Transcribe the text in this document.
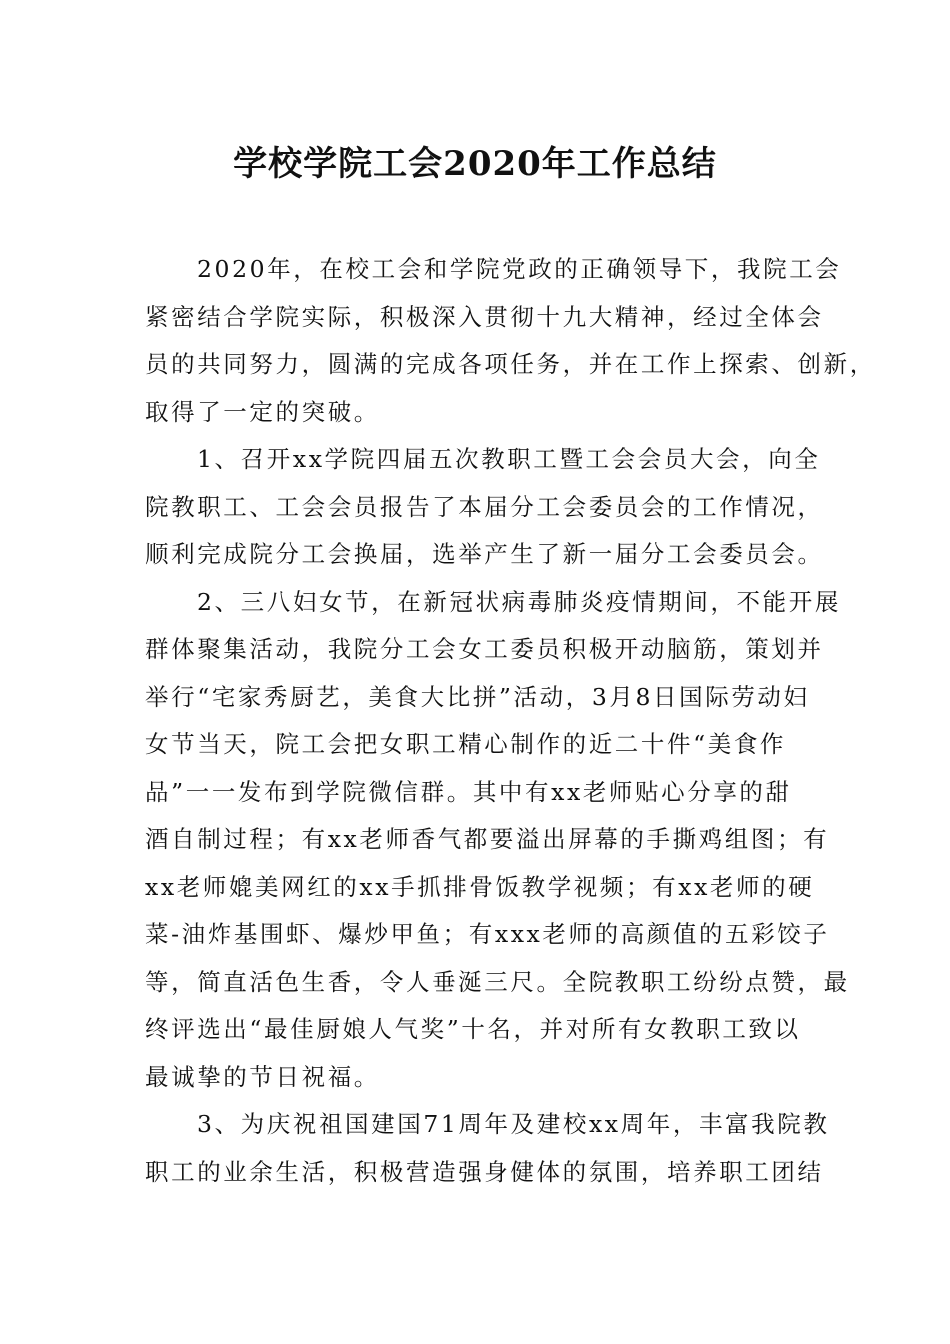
学校学院工会2020年工作总结
2020年，在校工会和学院党政的正确领导下，我院工会
紧密结合学院实际，积极深入贯彻十九大精神，经过全体会
员的共同努力，圆满的完成各项任务，并在工作上探索、创新，
取得了一定的突破。
1、召开xx学院四届五次教职工暨工会会员大会，向全
院教职工、工会会员报告了本届分工会委员会的工作情况，
顺利完成院分工会换届，选举产生了新一届分工会委员会。
2、三八妇女节，在新冠状病毒肺炎疫情期间，不能开展
群体聚集活动，我院分工会女工委员积极开动脑筋，策划并
举行“宅家秀厨艺，美食大比拼”活动，3月8日国际劳动妇
女节当天，院工会把女职工精心制作的近二十件“美食作
品”一一发布到学院微信群。其中有xx老师贴心分享的甜
酒自制过程；有xx老师香气都要溢出屏幕的手撕鸡组图；有
xx老师媲美网红的xx手抓排骨饭教学视频；有xx老师的硬
菜-油炸基围虾、爆炒甲鱼；有xxx老师的高颜值的五彩饺子
等，简直活色生香，令人垂涎三尺。全院教职工纷纷点赞，最
终评选出“最佳厨娘人气奖”十名，并对所有女教职工致以
最诚挚的节日祝福。
3、为庆祝祖国建国71周年及建校xx周年，丰富我院教
职工的业余生活，积极营造强身健体的氛围，培养职工团结
